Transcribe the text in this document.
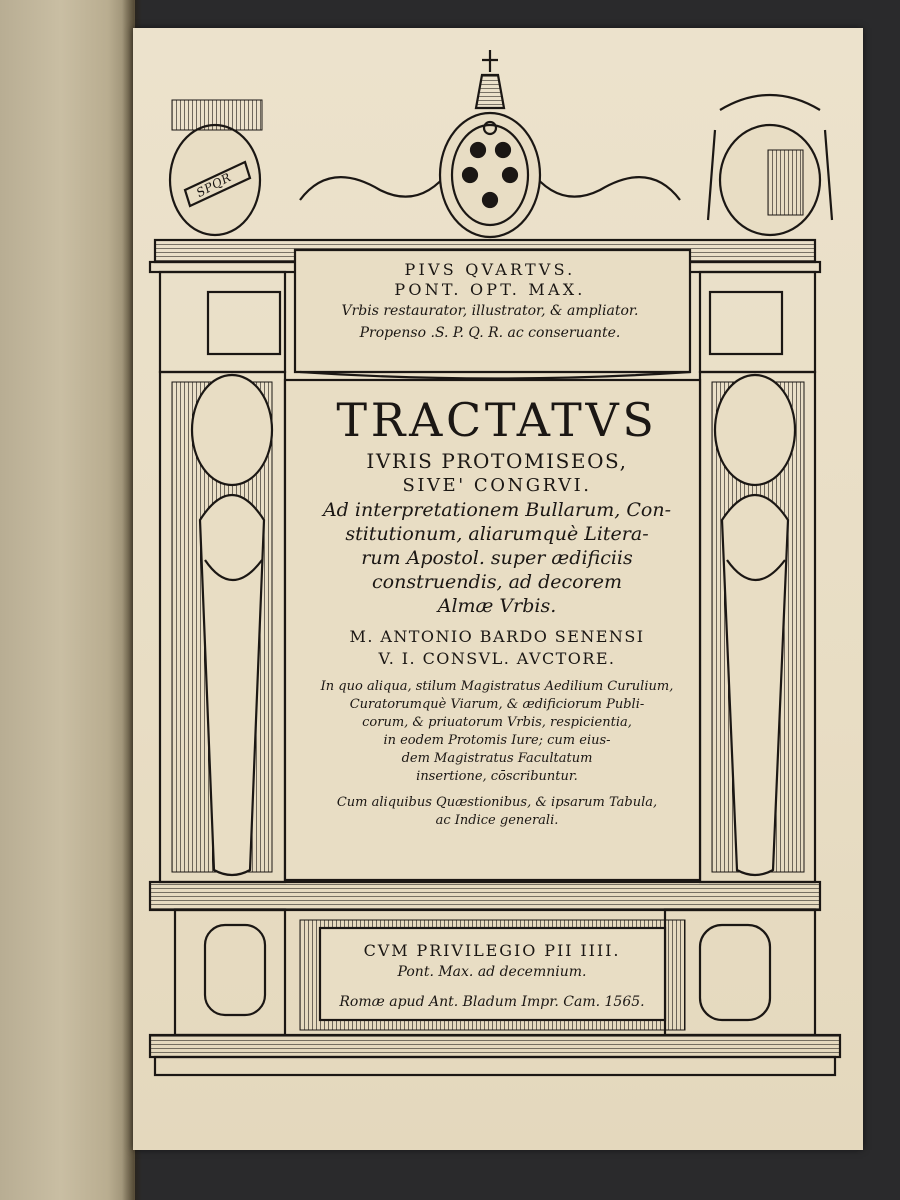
SPQR
PIVS QVARTVS.
PONT. OPT. MAX.
Vrbis restaurator, illustrator, & ampliator.
Propenso .S. P. Q. R. ac conseruante.
TRACTATVS
IVRIS PROTOMISEOS,
SIVE' CONGRVI.
Ad interpretationem Bullarum, Con-
stitutionum, aliarumquè Litera-
rum Apostol. super ædificiis
construendis, ad decorem
Almæ Vrbis.
M. ANTONIO BARDO SENENSI
V. I. CONSVL. AVCTORE.
In quo aliqua, stilum Magistratus Aedilium Curulium,
Curatorumquè Viarum, & ædificiorum Publi-
corum, & priuatorum Vrbis, respicientia,
in eodem Protomis Iure; cum eius-
dem Magistratus Facultatum
insertione, cōscribuntur.
Cum aliquibus Quæstionibus, & ipsarum Tabula,
ac Indice generali.
CVM PRIVILEGIO PII IIII.
Pont. Max. ad decemnium.
Romæ apud Ant. Bladum Impr. Cam. 1565.
